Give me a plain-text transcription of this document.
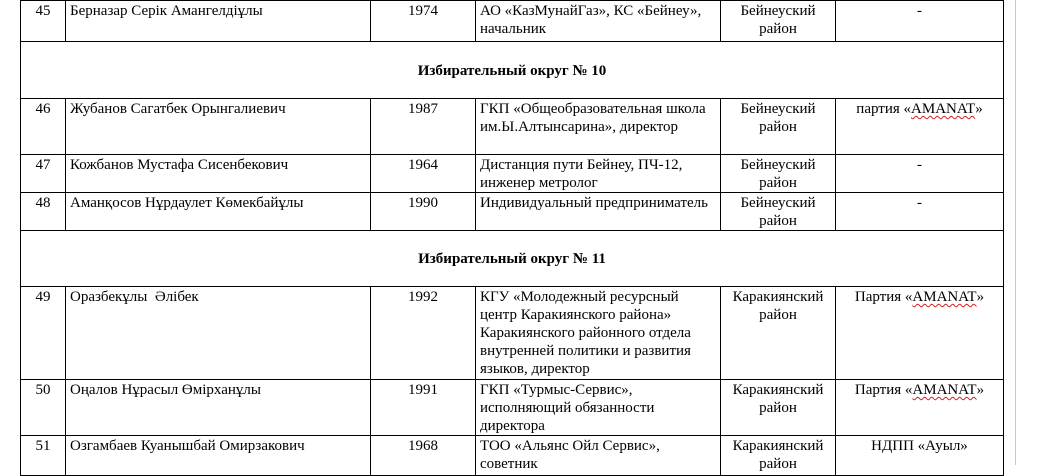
45	Берназар Серік Амангелдіұлы	1974	АО «КазМунайГаз», КС «Бейнеу», начальник	Бейнеуский район	-
Избирательный округ № 10					
46	Жубанов Сагатбек Орынгалиевич	1987	ГКП «Общеобразовательная школа им.Ы.Алтынсарина», директор	Бейнеуский район	партия «AMANAT»
47	Кожбанов Мустафа Сисенбекович	1964	Дистанция пути Бейнеу, ПЧ-12, инженер метролог	Бейнеуский район	-
48	Аманқосов Нұрдаулет Көмекбайұлы	1990	Индивидуальный предприниматель	Бейнеуский район	-
Избирательный округ № 11					
49	Оразбекұлы  Әлібек	1992	КГУ «Молодежный ресурсный центр Каракиянского района» Каракиянского районного отдела внутренней политики и развития языков, директор	Каракиянский район	Партия «AMANAT»
50	Оңалов Нұрасыл Өмірханұлы	1991	ГКП «Турмыс-Сервис», исполняющий обязанности директора	Каракиянский район	Партия «AMANAT»
51	Озгамбаев Куанышбай Омирзакович	1968	ТОО «Альянс Ойл Сервис», советник	Каракиянский район	НДПП «Ауыл»
